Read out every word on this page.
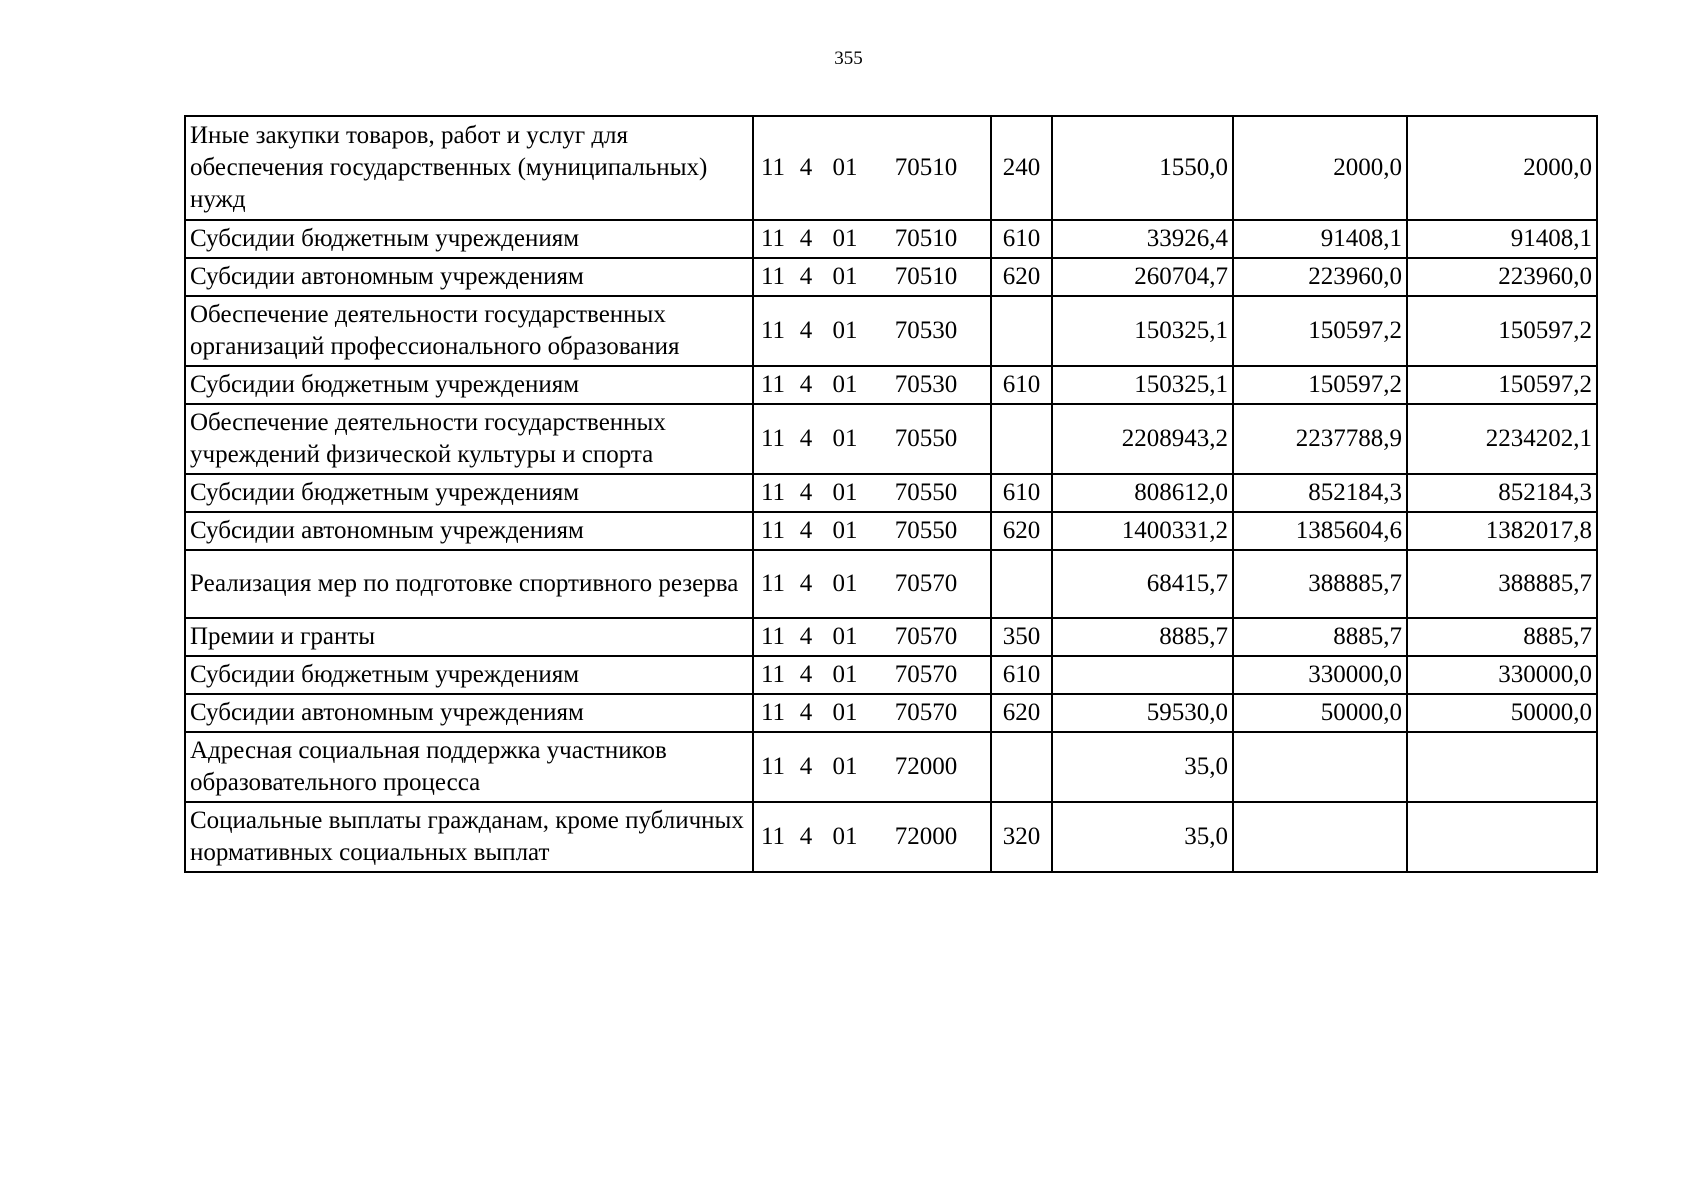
355
Иные закупки товаров, работ и услуг для обеспечения государственных (муниципальных) нужд	11 4 01 70510	240	1550,0	2000,0	2000,0
Субсидии бюджетным учреждениям	11 4 01 70510	610	33926,4	91408,1	91408,1
Субсидии автономным учреждениям	11 4 01 70510	620	260704,7	223960,0	223960,0
Обеспечение деятельности государственных организаций профессионального образования	11 4 01 70530		150325,1	150597,2	150597,2
Субсидии бюджетным учреждениям	11 4 01 70530	610	150325,1	150597,2	150597,2
Обеспечение деятельности государственных учреждений физической культуры и спорта	11 4 01 70550		2208943,2	2237788,9	2234202,1
Субсидии бюджетным учреждениям	11 4 01 70550	610	808612,0	852184,3	852184,3
Субсидии автономным учреждениям	11 4 01 70550	620	1400331,2	1385604,6	1382017,8
Реализация мер по подготовке спортивного резерва	11 4 01 70570		68415,7	388885,7	388885,7
Премии и гранты	11 4 01 70570	350	8885,7	8885,7	8885,7
Субсидии бюджетным учреждениям	11 4 01 70570	610		330000,0	330000,0
Субсидии автономным учреждениям	11 4 01 70570	620	59530,0	50000,0	50000,0
Адресная социальная поддержка участников образовательного процесса	11 4 01 72000		35,0		
Социальные выплаты гражданам, кроме публичных нормативных социальных выплат	11 4 01 72000	320	35,0		
